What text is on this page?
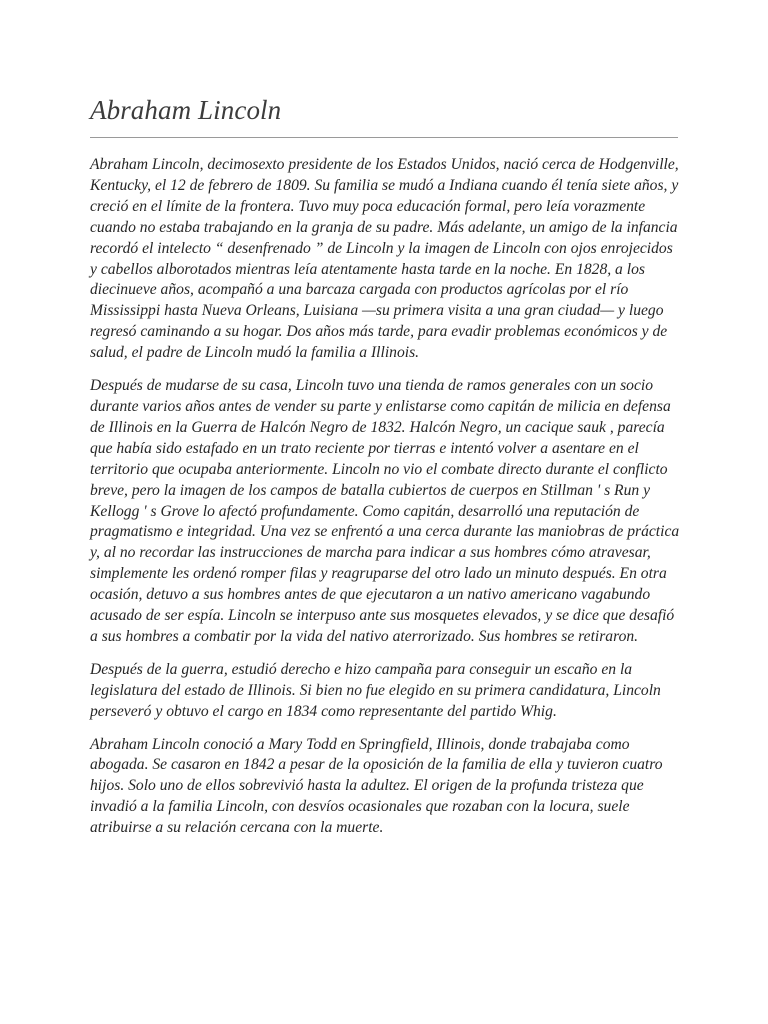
Abraham Lincoln

Abraham Lincoln, decimosexto presidente de los Estados Unidos, nació cerca de Hodgenville, Kentucky, el 12 de febrero de 1809. Su familia se mudó a Indiana cuando él tenía siete años, y creció en el límite de la frontera. Tuvo muy poca educación formal, pero leía vorazmente cuando no estaba trabajando en la granja de su padre. Más adelante, un amigo de la infancia recordó el intelecto “ desenfrenado ” de Lincoln y la imagen de Lincoln con ojos enrojecidos y cabellos alborotados mientras leía atentamente hasta tarde en la noche. En 1828, a los diecinueve años, acompañó a una barcaza cargada con productos agrícolas por el río Mississippi hasta Nueva Orleans, Luisiana —su primera visita a una gran ciudad— y luego regresó caminando a su hogar. Dos años más tarde, para evadir problemas económicos y de salud, el padre de Lincoln mudó la familia a Illinois.

Después de mudarse de su casa, Lincoln tuvo una tienda de ramos generales con un socio durante varios años antes de vender su parte y enlistarse como capitán de milicia en defensa de Illinois en la Guerra de Halcón Negro de 1832. Halcón Negro, un cacique sauk , parecía que había sido estafado en un trato reciente por tierras e intentó volver a asentare en el territorio que ocupaba anteriormente. Lincoln no vio el combate directo durante el conflicto breve, pero la imagen de los campos de batalla cubiertos de cuerpos en Stillman ' s Run y Kellogg ' s Grove lo afectó profundamente. Como capitán, desarrolló una reputación de pragmatismo e integridad. Una vez se enfrentó a una cerca durante las maniobras de práctica y, al no recordar las instrucciones de marcha para indicar a sus hombres cómo atravesar, simplemente les ordenó romper filas y reagruparse del otro lado un minuto después. En otra ocasión, detuvo a sus hombres antes de que ejecutaron a un nativo americano vagabundo acusado de ser espía. Lincoln se interpuso ante sus mosquetes elevados, y se dice que desafió a sus hombres a combatir por la vida del nativo aterrorizado. Sus hombres se retiraron.

Después de la guerra, estudió derecho e hizo campaña para conseguir un escaño en la legislatura del estado de Illinois. Si bien no fue elegido en su primera candidatura, Lincoln perseveró y obtuvo el cargo en 1834 como representante del partido Whig.

Abraham Lincoln conoció a Mary Todd en Springfield, Illinois, donde trabajaba como abogada. Se casaron en 1842 a pesar de la oposición de la familia de ella y tuvieron cuatro hijos. Solo uno de ellos sobrevivió hasta la adultez. El origen de la profunda tristeza que invadió a la familia Lincoln, con desvíos ocasionales que rozaban con la locura, suele atribuirse a su relación cercana con la muerte.
